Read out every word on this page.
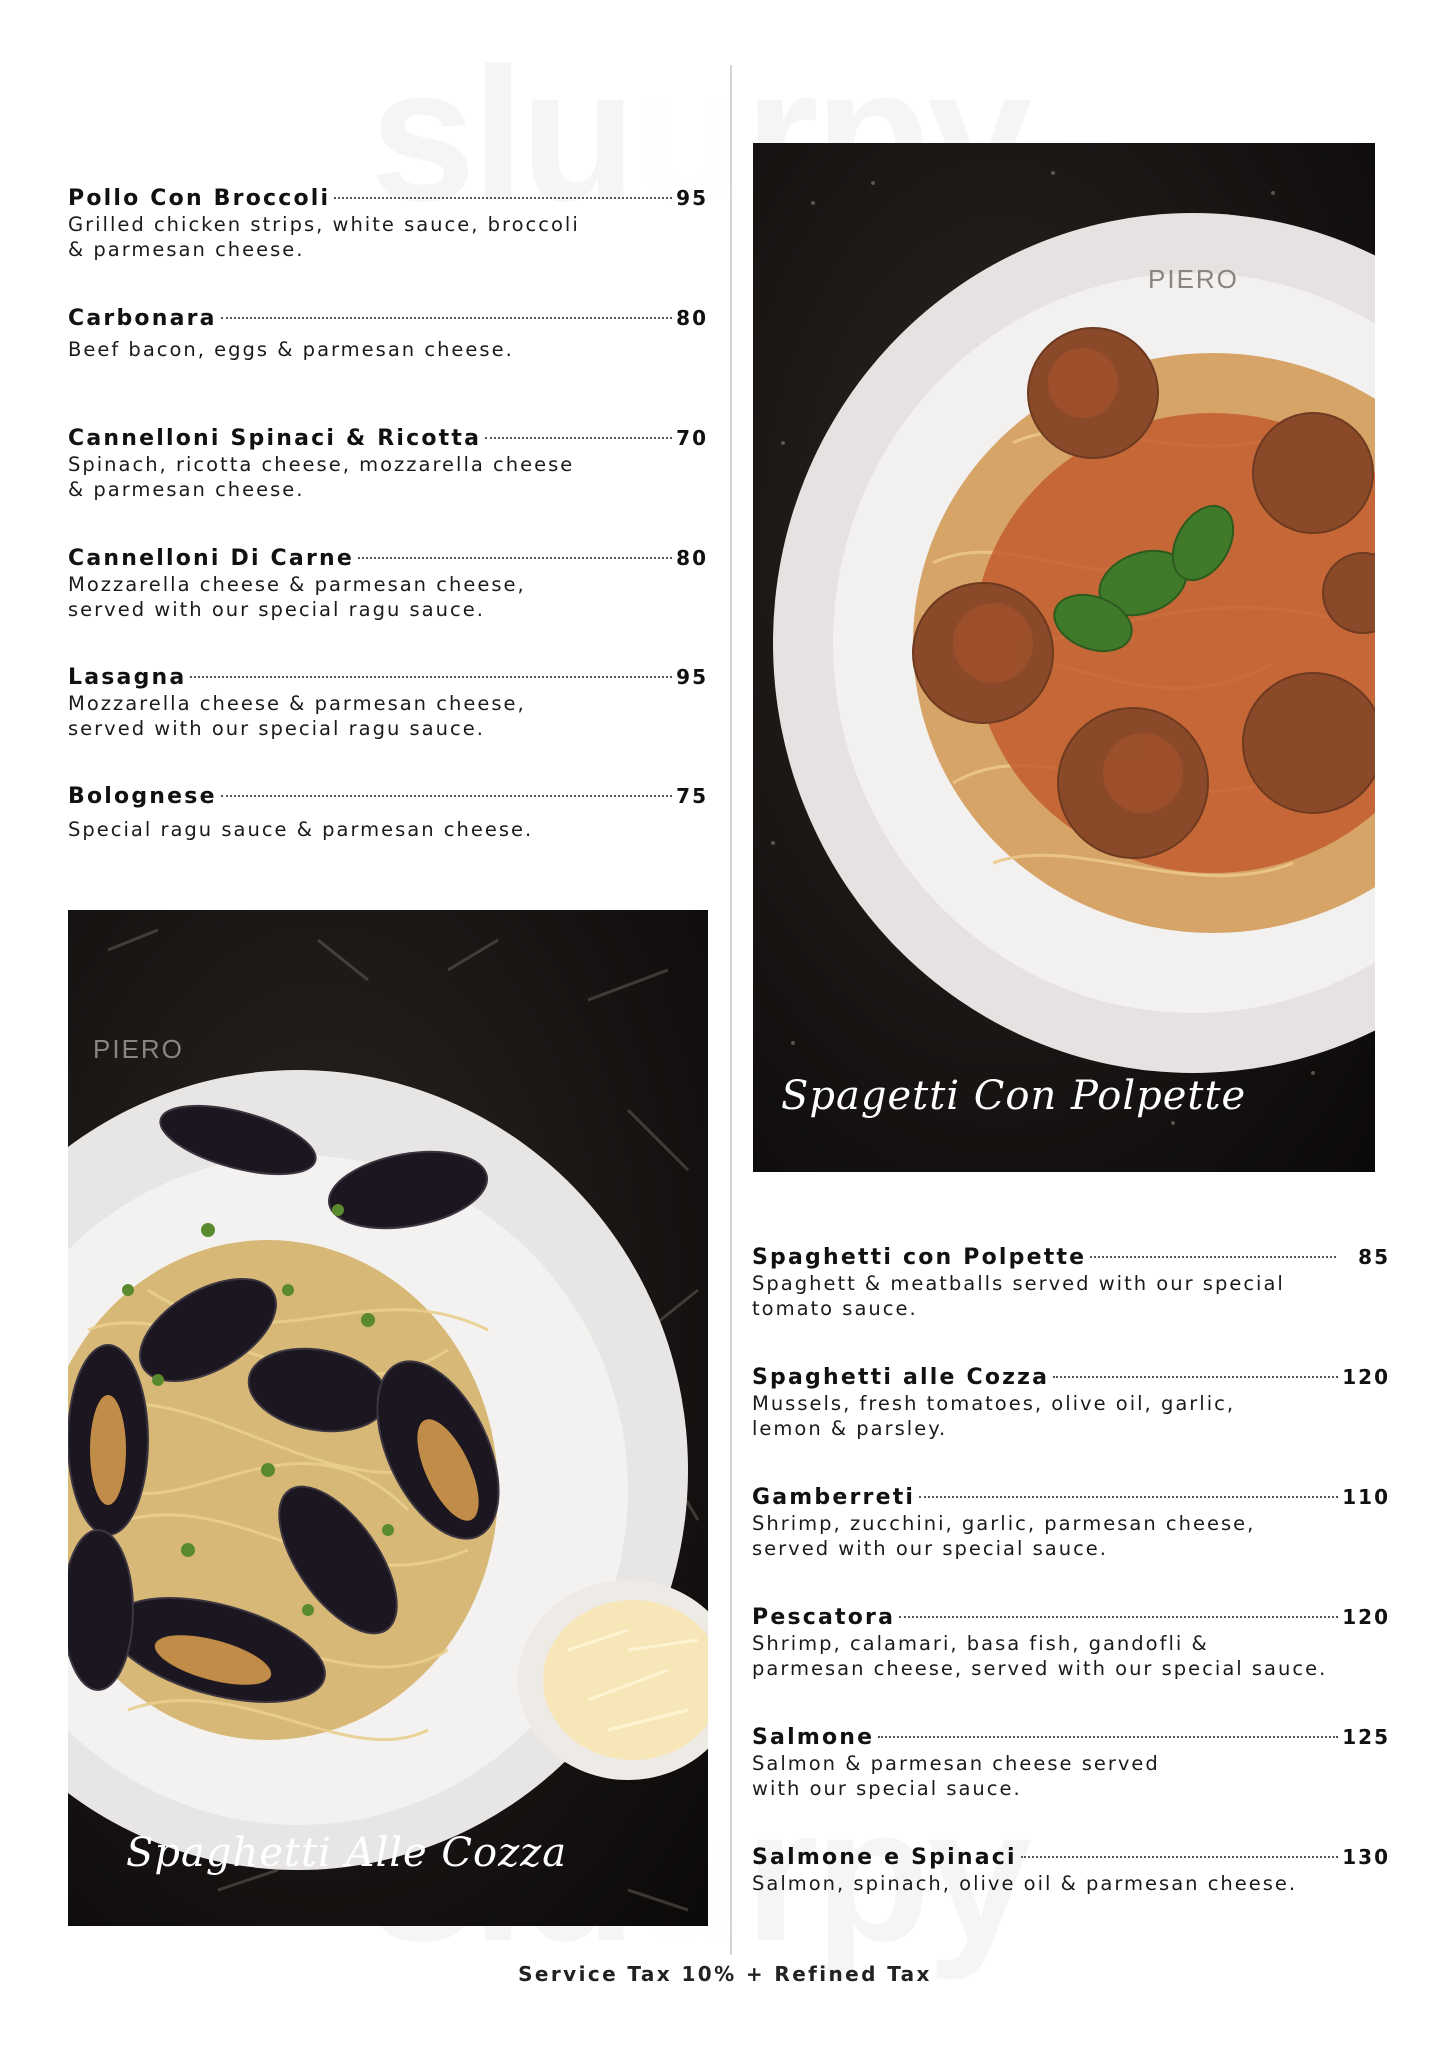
Pollo Con Broccoli	95
Grilled chicken strips, white sauce, broccoli
& parmesan cheese.
Carbonara	80
Beef bacon, eggs & parmesan cheese.
Cannelloni Spinaci & Ricotta	70
Spinach, ricotta cheese, mozzarella cheese
& parmesan cheese.
Cannelloni Di Carne	80
Mozzarella cheese & parmesan cheese,
served with our special ragu sauce.
Lasagna	95
Mozzarella cheese & parmesan cheese,
served with our special ragu sauce.
Bolognese	75
Special ragu sauce & parmesan cheese.
PIERO
Spaghetti Alle Cozza
PIERO
Spagetti Con Polpette
Spaghetti con Polpette	85
Spaghett & meatballs served with our special
tomato sauce.
Spaghetti alle Cozza	120
Mussels, fresh tomatoes, olive oil, garlic,
lemon & parsley.
Gamberreti	110
Shrimp, zucchini, garlic, parmesan cheese,
served with our special sauce.
Pescatora	120
Shrimp, calamari, basa fish, gandofli &
parmesan cheese, served with our special sauce.
Salmone	125
Salmon & parmesan cheese served
with our special sauce.
Salmone e Spinaci	130
Salmon, spinach, olive oil & parmesan cheese.
Service Tax 10% + Refined Tax
